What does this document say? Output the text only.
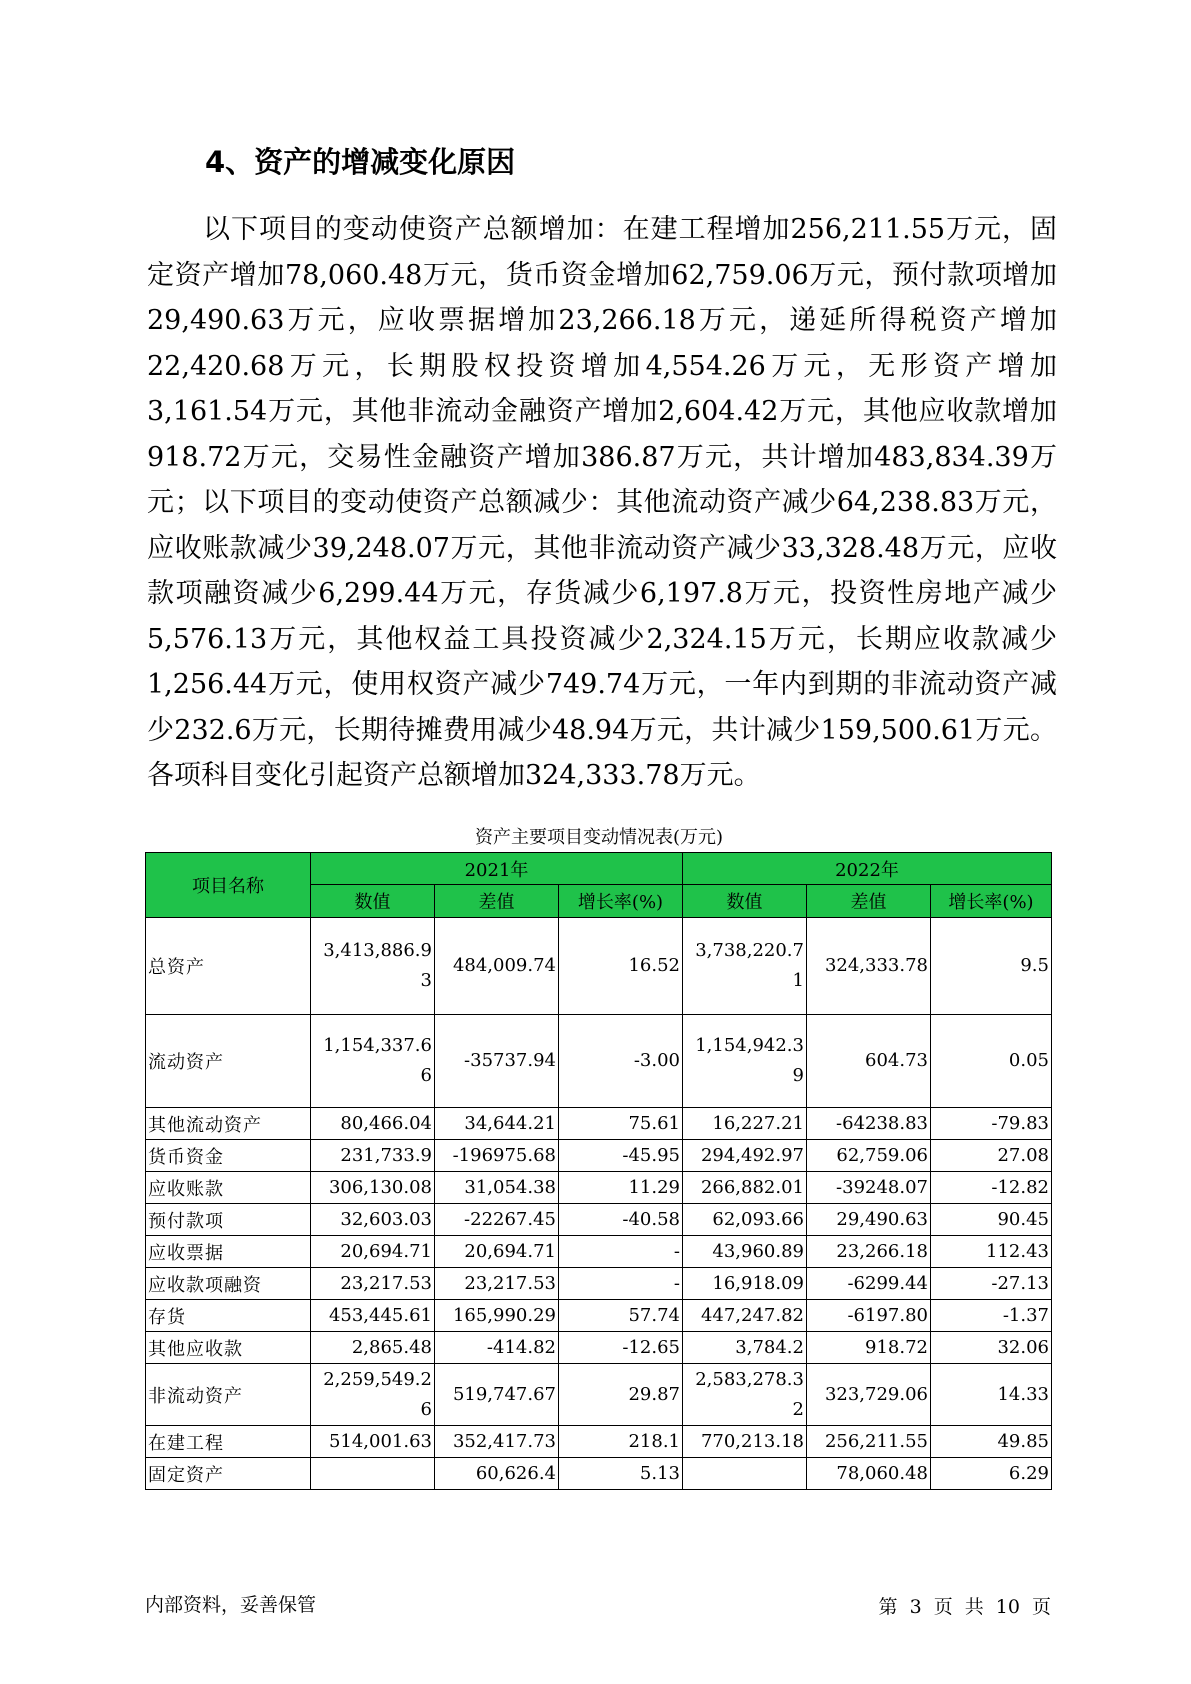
4、资产的增减变化原因

以下项目的变动使资产总额增加：在建工程增加256,211.55万元，固定资产增加78,060.48万元，货币资金增加62,759.06万元，预付款项增加29,490.63万元，应收票据增加23,266.18万元，递延所得税资产增加22,420.68万元，长期股权投资增加4,554.26万元，无形资产增加3,161.54万元，其他非流动金融资产增加2,604.42万元，其他应收款增加918.72万元，交易性金融资产增加386.87万元，共计增加483,834.39万元；以下项目的变动使资产总额减少：其他流动资产减少64,238.83万元，应收账款减少39,248.07万元，其他非流动资产减少33,328.48万元，应收款项融资减少6,299.44万元，存货减少6,197.8万元，投资性房地产减少5,576.13万元，其他权益工具投资减少2,324.15万元，长期应收款减少1,256.44万元，使用权资产减少749.74万元，一年内到期的非流动资产减少232.6万元，长期待摊费用减少48.94万元，共计减少159,500.61万元。各项科目变化引起资产总额增加324,333.78万元。

资产主要项目变动情况表(万元)
项目名称	2021年			2022年		
	数值	差值	增长率(%)	数值	差值	增长率(%)
总资产	3,413,886.93	484,009.74	16.52	3,738,220.71	324,333.78	9.5
流动资产	1,154,337.66	-35737.94	-3.00	1,154,942.39	604.73	0.05
其他流动资产	80,466.04	34,644.21	75.61	16,227.21	-64238.83	-79.83
货币资金	231,733.9	-196975.68	-45.95	294,492.97	62,759.06	27.08
应收账款	306,130.08	31,054.38	11.29	266,882.01	-39248.07	-12.82
预付款项	32,603.03	-22267.45	-40.58	62,093.66	29,490.63	90.45
应收票据	20,694.71	20,694.71	-	43,960.89	23,266.18	112.43
应收款项融资	23,217.53	23,217.53	-	16,918.09	-6299.44	-27.13
存货	453,445.61	165,990.29	57.74	447,247.82	-6197.80	-1.37
其他应收款	2,865.48	-414.82	-12.65	3,784.2	918.72	32.06
非流动资产	2,259,549.26	519,747.67	29.87	2,583,278.32	323,729.06	14.33
在建工程	514,001.63	352,417.73	218.1	770,213.18	256,211.55	49.85
固定资产		60,626.4	5.13		78,060.48	6.29
内部资料，妥善保管	第 3 页 共 10 页
